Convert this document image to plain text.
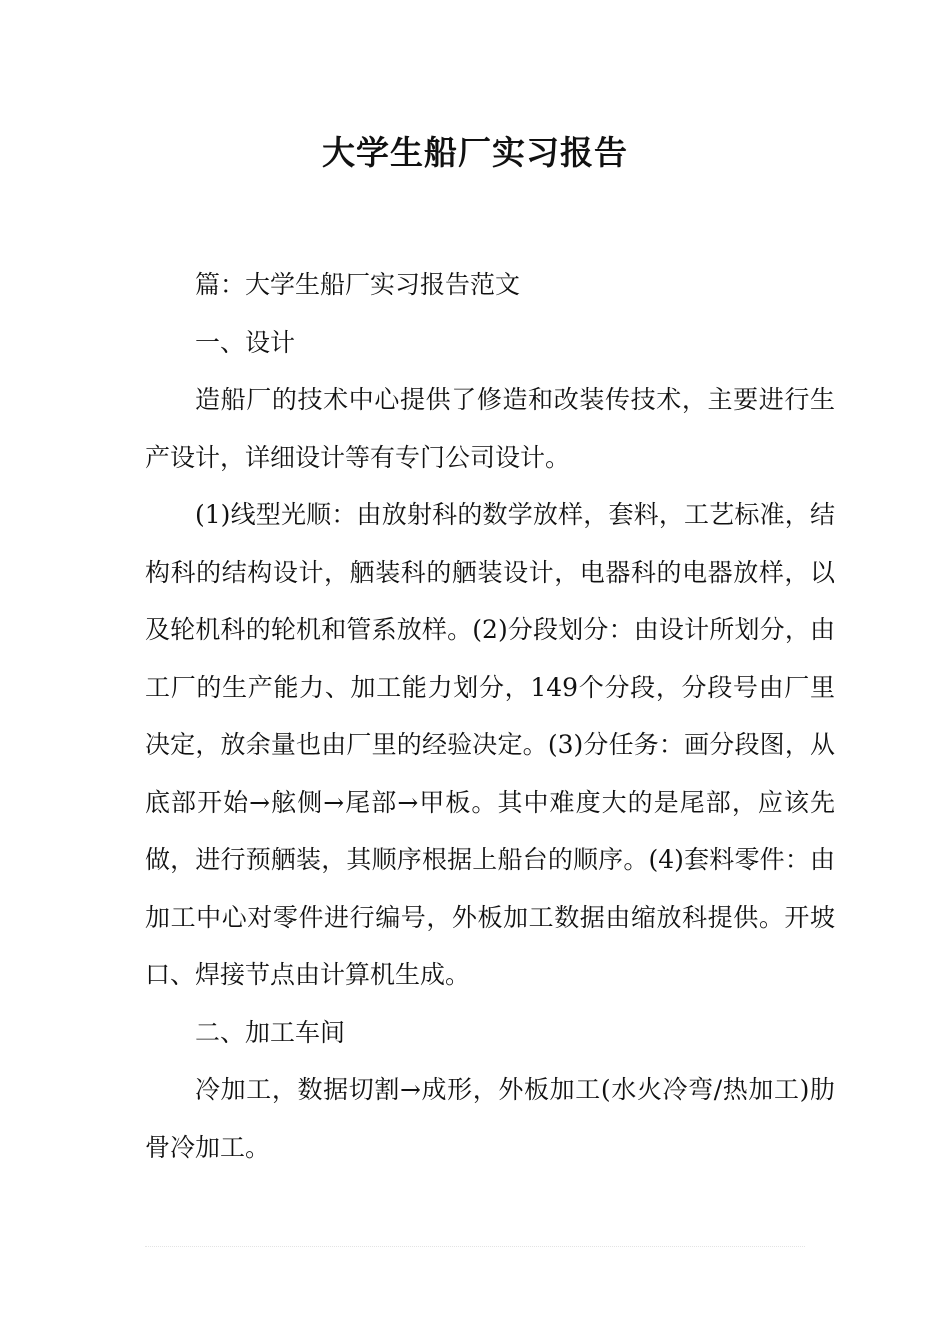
大学生船厂实习报告

篇：大学生船厂实习报告范文

一、设计

造船厂的技术中心提供了修造和改装传技术，主要进行生产设计，详细设计等有专门公司设计。

(1)线型光顺：由放射科的数学放样，套料，工艺标准，结构科的结构设计，舾装科的舾装设计，电器科的电器放样，以及轮机科的轮机和管系放样。(2)分段划分：由设计所划分，由工厂的生产能力、加工能力划分，149个分段，分段号由厂里决定，放余量也由厂里的经验决定。(3)分任务：画分段图，从底部开始→舷侧→尾部→甲板。其中难度大的是尾部，应该先做，进行预舾装，其顺序根据上船台的顺序。(4)套料零件：由加工中心对零件进行编号，外板加工数据由缩放科提供。开坡口、焊接节点由计算机生成。

二、加工车间

冷加工，数据切割→成形，外板加工(水火冷弯/热加工)肋骨冷加工。
